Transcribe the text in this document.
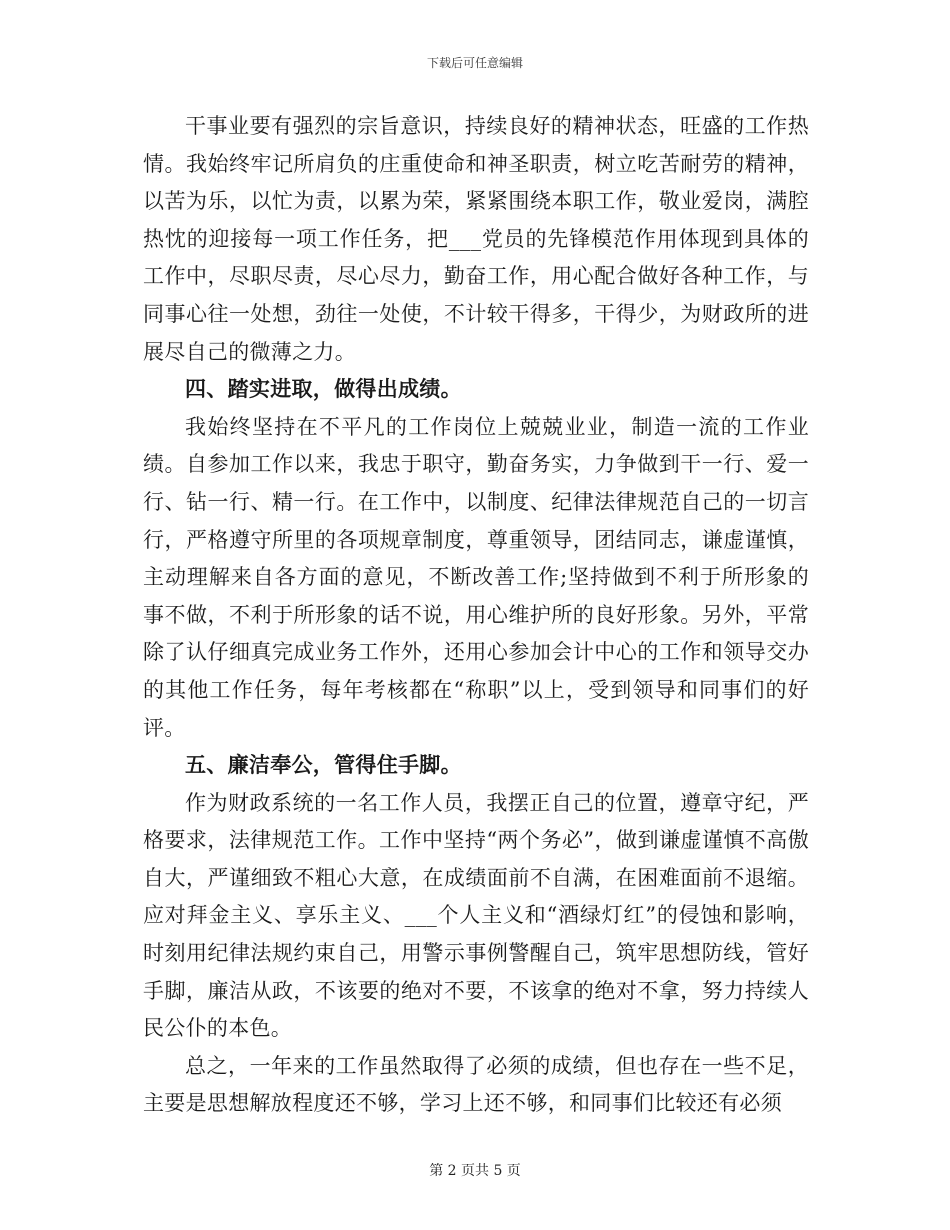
下载后可任意编辑

干事业要有强烈的宗旨意识，持续良好的精神状态，旺盛的工作热情。我始终牢记所肩负的庄重使命和神圣职责，树立吃苦耐劳的精神，以苦为乐，以忙为责，以累为荣，紧紧围绕本职工作，敬业爱岗，满腔热忱的迎接每一项工作任务，把___党员的先锋模范作用体现到具体的工作中，尽职尽责，尽心尽力，勤奋工作，用心配合做好各种工作，与同事心往一处想，劲往一处使，不计较干得多，干得少，为财政所的进展尽自己的微薄之力。

四、踏实进取，做得出成绩。

我始终坚持在不平凡的工作岗位上兢兢业业，制造一流的工作业绩。自参加工作以来，我忠于职守，勤奋务实，力争做到干一行、爱一行、钻一行、精一行。在工作中，以制度、纪律法律规范自己的一切言行，严格遵守所里的各项规章制度，尊重领导，团结同志，谦虚谨慎，主动理解来自各方面的意见，不断改善工作;坚持做到不利于所形象的事不做，不利于所形象的话不说，用心维护所的良好形象。另外，平常除了认仔细真完成业务工作外，还用心参加会计中心的工作和领导交办的其他工作任务，每年考核都在“称职”以上，受到领导和同事们的好评。

五、廉洁奉公，管得住手脚。

作为财政系统的一名工作人员，我摆正自己的位置，遵章守纪，严格要求，法律规范工作。工作中坚持“两个务必”，做到谦虚谨慎不高傲自大，严谨细致不粗心大意，在成绩面前不自满，在困难面前不退缩。应对拜金主义、享乐主义、___个人主义和“酒绿灯红”的侵蚀和影响，时刻用纪律法规约束自己，用警示事例警醒自己，筑牢思想防线，管好手脚，廉洁从政，不该要的绝对不要，不该拿的绝对不拿，努力持续人民公仆的本色。

总之，一年来的工作虽然取得了必须的成绩，但也存在一些不足，主要是思想解放程度还不够，学习上还不够，和同事们比较还有必须

第 2 页共 5 页
